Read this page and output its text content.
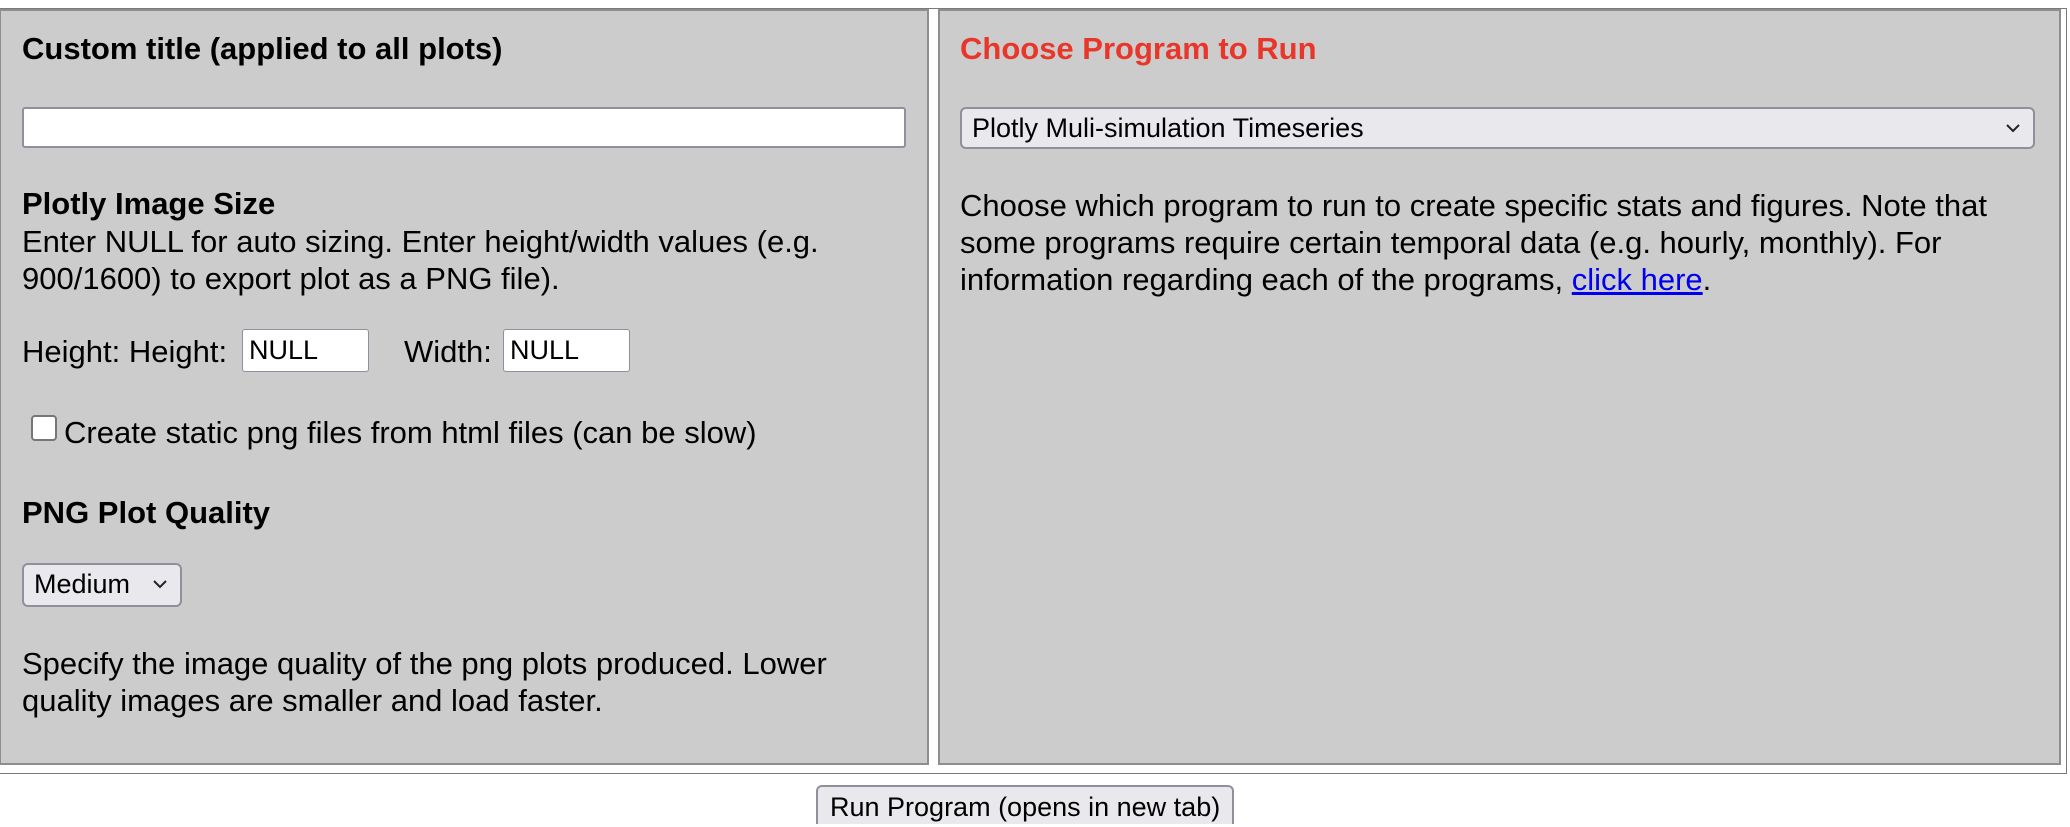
Custom title (applied to all plots)

Plotly Image Size

Enter NULL for auto sizing. Enter height/width values (e.g. 900/1600) to export plot as a PNG file).

Height: Height:
NULL	Width:
NULL
Create static png files from html files (can be slow)

PNG Plot Quality

Medium

Specify the image quality of the png plots produced. Lower quality images are smaller and load faster.

Choose Program to Run

Plotly Muli-simulation Timeseries

Choose which program to run to create specific stats and figures. Note that some programs require certain temporal data (e.g. hourly, monthly). For information regarding each of the programs, click here.

Run Program (opens in new tab)
